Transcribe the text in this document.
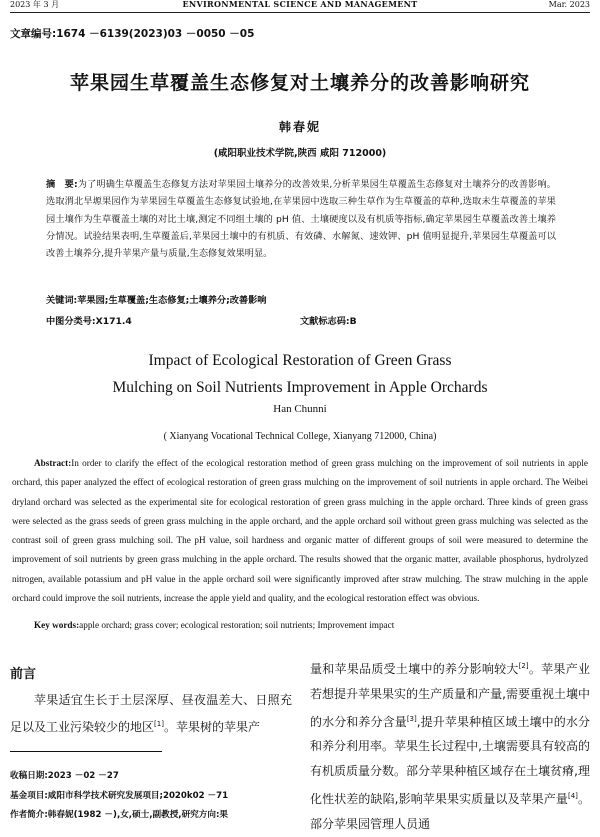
2023 年 3 月	ENVIRONMENTAL SCIENCE AND MANAGEMENT	Mar. 2023
文章编号:1674 －6139(2023)03 －0050 －05
苹果园生草覆盖生态修复对土壤养分的改善影响研究
韩春妮
(咸阳职业技术学院,陕西 咸阳 712000)
摘　要:为了明确生草覆盖生态修复方法对苹果园土壤养分的改善效果,分析苹果园生草覆盖生态修复对土壤养分的改善影响。选取渭北旱塬果园作为苹果园生草覆盖生态修复试验地,在苹果园中选取三种生草作为生草覆盖的草种,选取未生草覆盖的苹果园土壤作为生草覆盖土壤的对比土壤,测定不同组土壤的 pH 值、土壤硬度以及有机质等指标,确定苹果园生草覆盖改善土壤养分情况。试验结果表明,生草覆盖后,苹果园土壤中的有机质、有效磷、水解氮、速效钾、pH 值明显提升,苹果园生草覆盖可以改善土壤养分,提升苹果产量与质量,生态修复效果明显。
关键词:苹果园;生草覆盖;生态修复;土壤养分;改善影响
中图分类号:X171.4	文献标志码:B
Impact of Ecological Restoration of Green Grass
Mulching on Soil Nutrients Improvement in Apple Orchards
Han Chunni
( Xianyang Vocational Technical College, Xianyang 712000, China)
Abstract:In order to clarify the effect of the ecological restoration method of green grass mulching on the improvement of soil nutrients in apple orchard, this paper analyzed the effect of ecological restoration of green grass mulching on the improvement of soil nutrients in apple orchard. The Weibei dryland orchard was selected as the experimental site for ecological restoration of green grass mulching in the apple orchard. Three kinds of green grass were selected as the grass seeds of green grass mulching in the apple orchard, and the apple orchard soil without green grass mulching was selected as the contrast soil of green grass mulching soil. The pH value, soil hardness and organic matter of different groups of soil were measured to determine the improvement of soil nutrients by green grass mulching in the apple orchard. The results showed that the organic matter, available phosphorus, hydrolyzed nitrogen, available potassium and pH value in the apple orchard soil were significantly improved after straw mulching. The straw mulching in the apple orchard could improve the soil nutrients, increase the apple yield and quality, and the ecological restoration effect was obvious.
Key words:apple orchard; grass cover; ecological restoration; soil nutrients; Improvement impact
前言
苹果适宜生长于土层深厚、昼夜温差大、日照充足以及工业污染较少的地区[1]。苹果树的苹果产
量和苹果品质受土壤中的养分影响较大[2]。苹果产业若想提升苹果果实的生产质量和产量,需要重视土壤中的水分和养分含量[3],提升苹果种植区域土壤中的水分和养分利用率。苹果生长过程中,土壤需要具有较高的有机质质量分数。部分苹果种植区域存在土壤贫瘠,理化性状差的缺陷,影响苹果果实质量以及苹果产量[4]。部分苹果园管理人员通
收稿日期:2023 －02 －27
基金项目:咸阳市科学技术研究发展项目;2020k02 －71
作者简介:韩春妮(1982 －),女,硕士,副教授,研究方向:果
